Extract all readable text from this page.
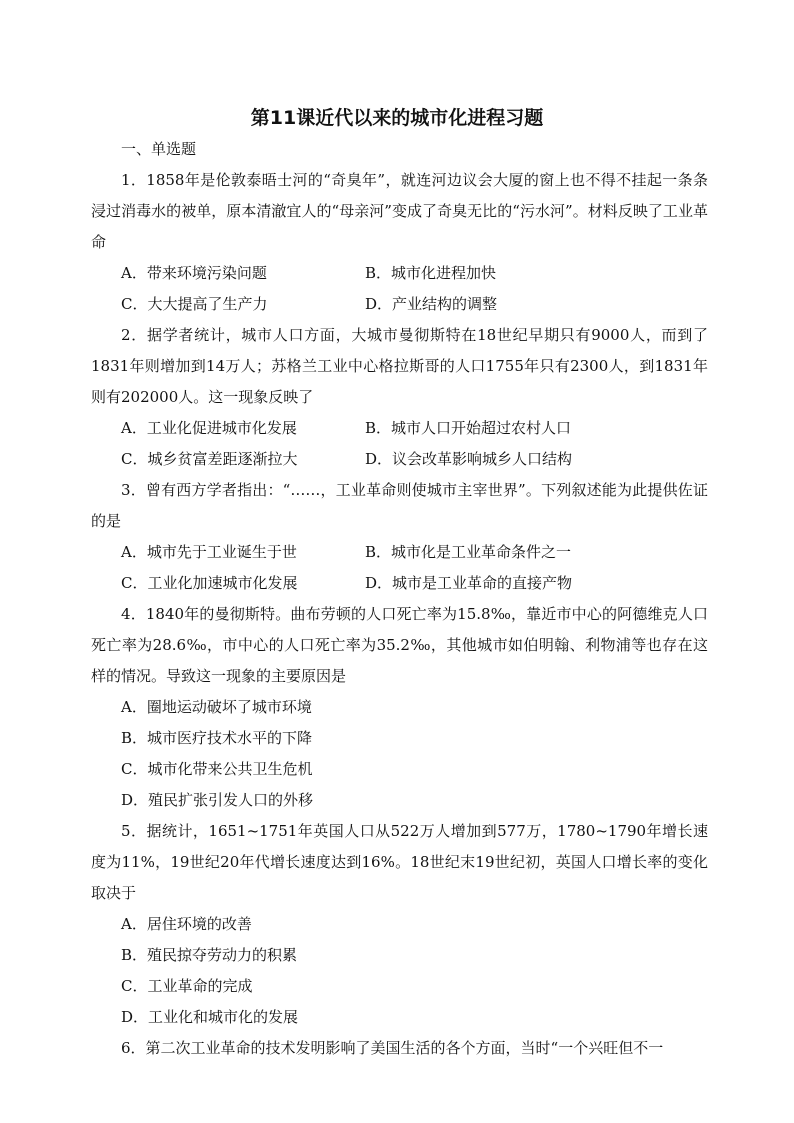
第11课近代以来的城市化进程习题
一、单选题

1．1858年是伦敦泰晤士河的“奇臭年”，就连河边议会大厦的窗上也不得不挂起一条条浸过消毒水的被单，原本清澈宜人的“母亲河”变成了奇臭无比的“污水河”。材料反映了工业革命

A．带来环境污染问题	B．城市化进程加快
C．大大提高了生产力	D．产业结构的调整

2．据学者统计，城市人口方面，大城市曼彻斯特在18世纪早期只有9000人，而到了1831年则增加到14万人；苏格兰工业中心格拉斯哥的人口1755年只有2300人，到1831年则有202000人。这一现象反映了

A．工业化促进城市化发展	B．城市人口开始超过农村人口
C．城乡贫富差距逐渐拉大	D．议会改革影响城乡人口结构

3．曾有西方学者指出：“……，工业革命则使城市主宰世界”。下列叙述能为此提供佐证的是

A．城市先于工业诞生于世	B．城市化是工业革命条件之一
C．工业化加速城市化发展	D．城市是工业革命的直接产物

4．1840年的曼彻斯特。曲布劳顿的人口死亡率为15.8‰，靠近市中心的阿德维克人口死亡率为28.6‰，市中心的人口死亡率为35.2‰，其他城市如伯明翰、利物浦等也存在这样的情况。导致这一现象的主要原因是

A．圈地运动破坏了城市环境
B．城市医疗技术水平的下降
C．城市化带来公共卫生危机
D．殖民扩张引发人口的外移

5．据统计，1651~1751年英国人口从522万人增加到577万，1780~1790年增长速度为11%，19世纪20年代增长速度达到16%。18世纪末19世纪初，英国人口增长率的变化取决于

A．居住环境的改善
B．殖民掠夺劳动力的积累
C．工业革命的完成
D．工业化和城市化的发展

6．第二次工业革命的技术发明影响了美国生活的各个方面，当时“一个兴旺但不一
